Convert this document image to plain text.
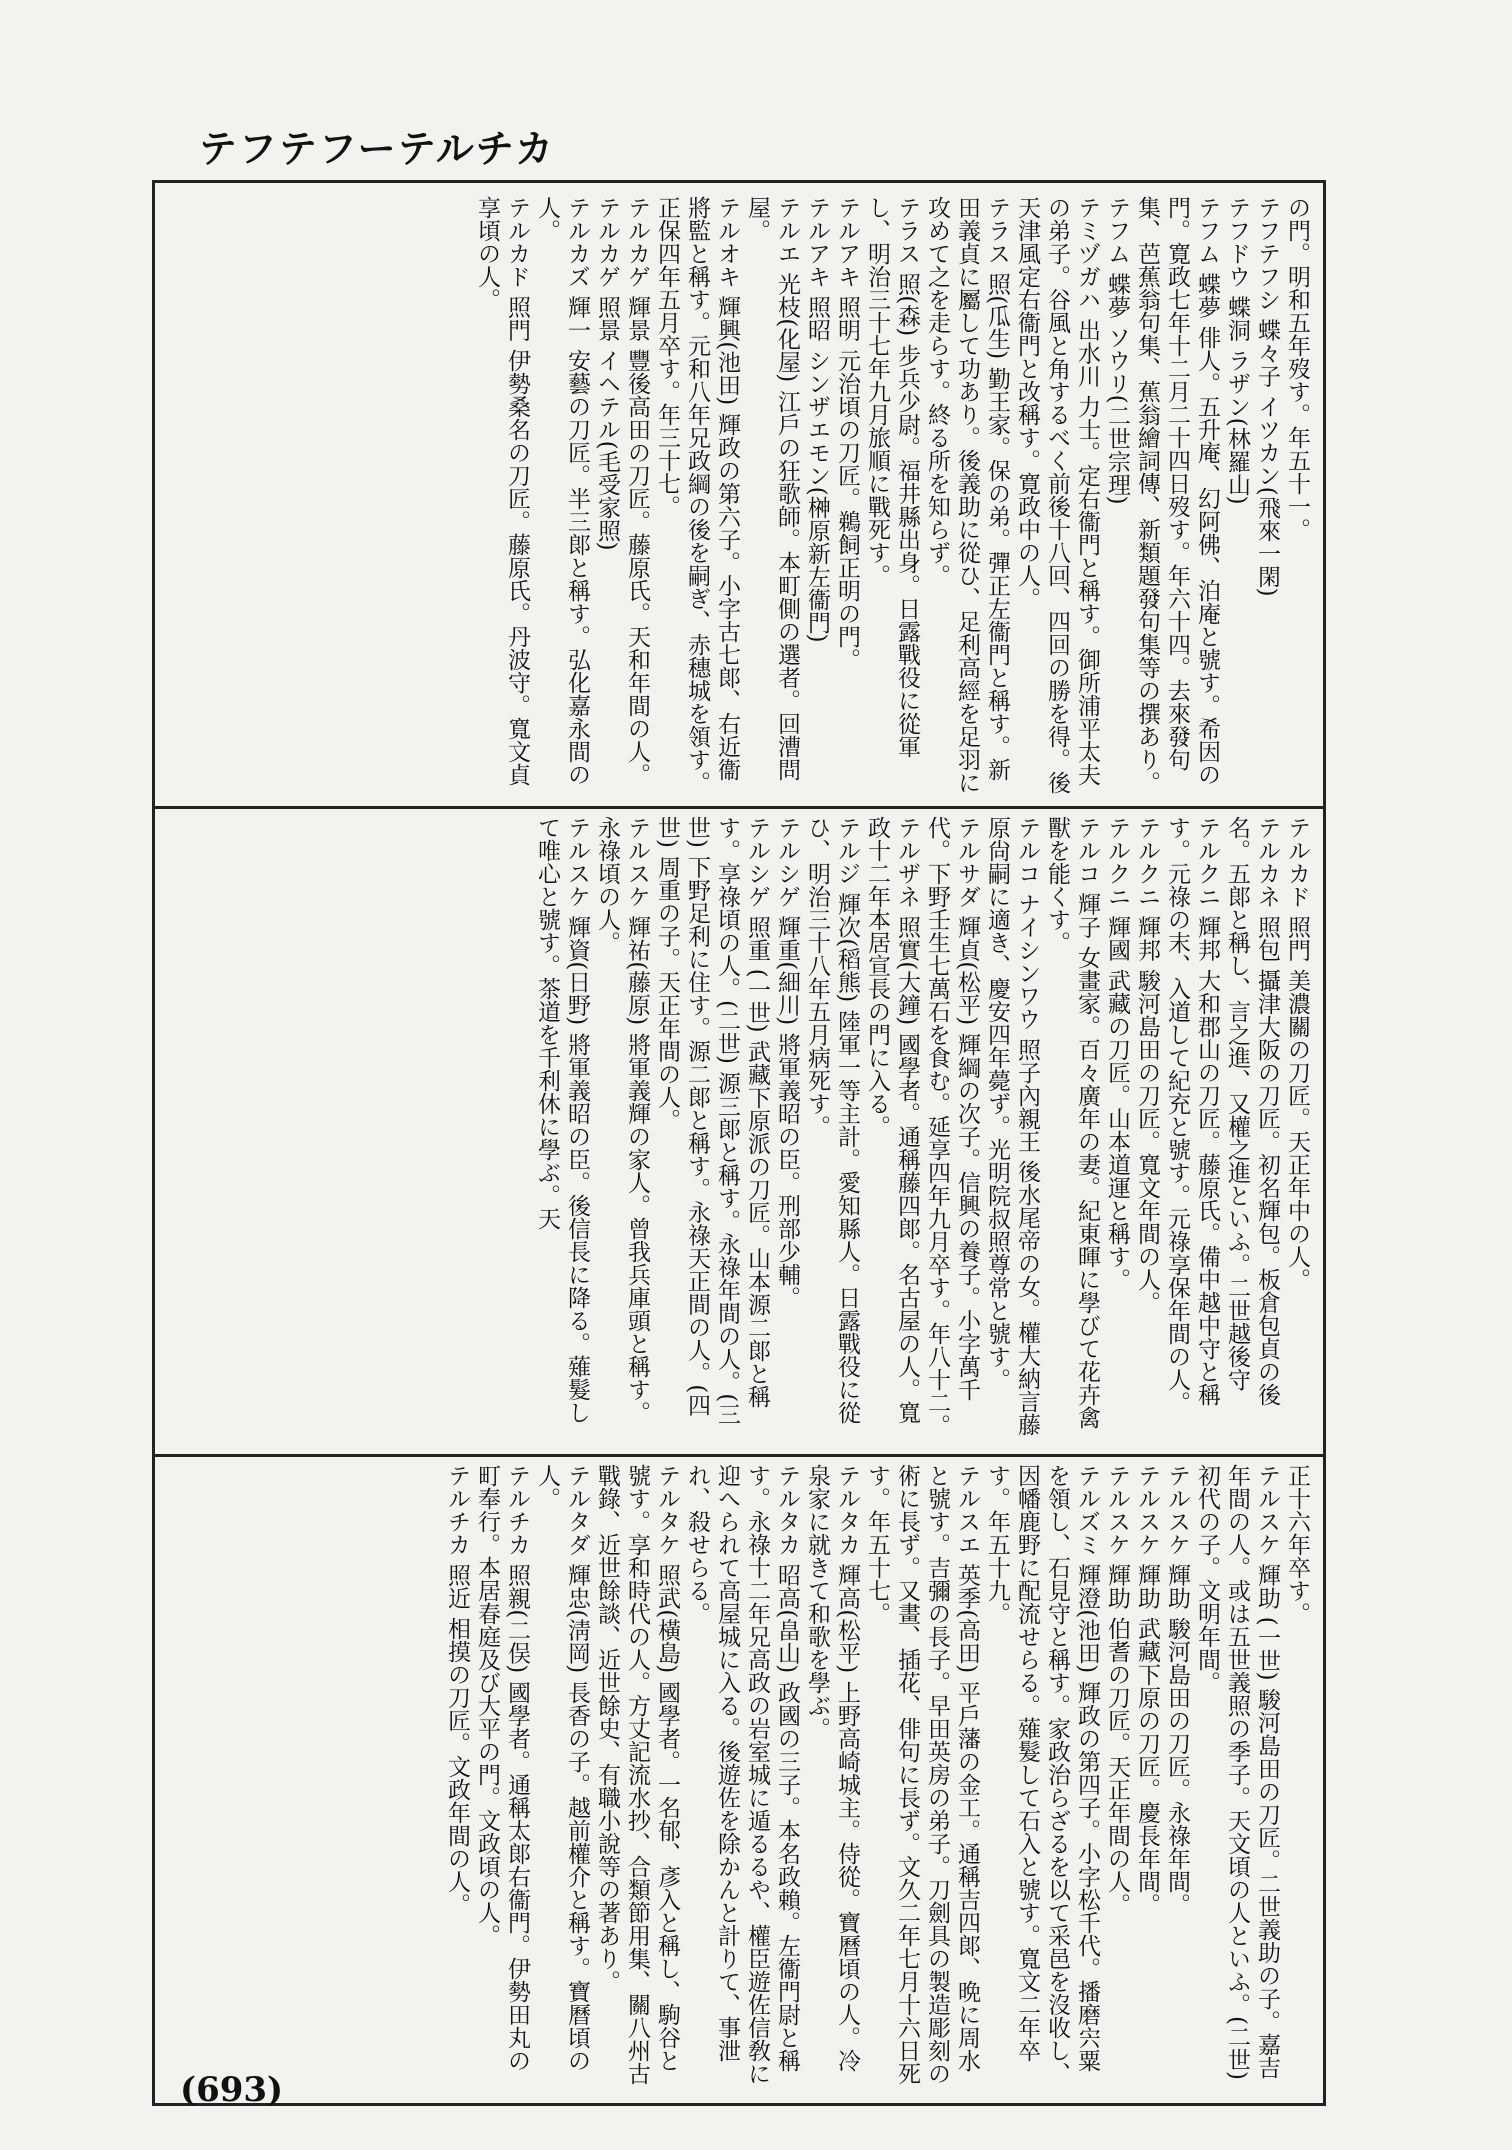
カチルテーフテフテ

の門。明和五年歿す。年五十一。

テフテフシ 蝶々子 イツカン(飛來一閑)

テフドウ 蝶洞 ラザン(林羅山)

テフム 蝶夢 俳人。五升庵、幻阿佛、泊庵と號す。希因の門。寛政七年十二月二十四日歿す。年六十四。去來發句集、芭蕉翁句集、蕉翁繪詞傳、新類題發句集等の撰あり。

テフム 蝶夢 ソウリ(二世宗理)

テミヅガハ 出水川 力士。定右衞門と稱す。御所浦平太夫の弟子。谷風と角するべく前後十八回、四回の勝を得。後天津風定右衞門と改稱す。寛政中の人。

テラス 照(瓜生) 勤王家。保の弟。彈正左衞門と稱す。新田義貞に屬して功あり。後義助に從ひ、足利高經を足羽に攻めて之を走らす。終る所を知らず。

テラス 照(森) 步兵少尉。福井縣出身。日露戰役に從軍し、明治三十七年九月旅順に戰死す。

テルアキ 照明 元治頃の刀匠。鵜飼正明の門。

テルアキ 照昭 シンザエモン(榊原新左衞門)

テルエ 光枝(化屋) 江戶の狂歌師。本町側の選者。回漕問屋。

テルオキ 輝興(池田) 輝政の第六子。小字古七郞、右近衞將監と稱す。元和八年兄政綱の後を嗣ぎ、赤穗城を領す。正保四年五月卒す。年三十七。

テルカゲ 輝景 豐後高田の刀匠。藤原氏。天和年間の人。

テルカゲ 照景 イヘテル(毛受家照)

テルカズ 輝一 安藝の刀匠。半三郞と稱す。弘化嘉永間の人。

テルカド 照門 伊勢桑名の刀匠。藤原氏。丹波守。寬文貞享頃の人。

テルカド 照門 美濃關の刀匠。天正年中の人。

テルカネ 照包 攝津大阪の刀匠。初名輝包。板倉包貞の後名。五郞と稱し、言之進、又權之進といふ。二世越後守

テルクニ 輝邦 大和郡山の刀匠。藤原氏。備中越中守と稱す。元祿の末、入道して紀充と號す。元祿享保年間の人。

テルクニ 輝邦 駿河島田の刀匠。寬文年間の人。

テルクニ 輝國 武藏の刀匠。山本道運と稱す。

テルコ 輝子 女畫家。百々廣年の妻。紀東暉に學びて花卉禽獸を能くす。

テルコ ナイシンワウ 照子內親王 後水尾帝の女。權大納言藤原尙嗣に適き、慶安四年薨ず。光明院叔照尊常と號す。

テルサダ 輝貞(松平) 輝綱の次子。信興の養子。小字萬千代。下野壬生七萬石を食む。延享四年九月卒す。年八十二。

テルザネ 照實(大鐘) 國學者。通稱藤四郞。名古屋の人。寬政十二年本居宣長の門に入る。

テルジ 輝次(稻熊) 陸軍一等主計。愛知縣人。日露戰役に從ひ、明治三十八年五月病死す。

テルシゲ 輝重(細川) 將軍義昭の臣。刑部少輔。

テルシゲ 照重 (一世) 武藏下原派の刀匠。山本源二郞と稱す。享祿頃の人。(二世) 源三郞と稱す。永祿年間の人。(三世) 下野足利に住す。源二郞と稱す。永祿天正間の人。(四世) 周重の子。天正年間の人。

テルスケ 輝祐(藤原) 將軍義輝の家人。曾我兵庫頭と稱す。永祿頃の人。

テルスケ 輝資(日野) 將軍義昭の臣。後信長に降る。薙髮して唯心と號す。茶道を千利休に學ぶ。天

正十六年卒す。

テルスケ 輝助 (一世) 駿河島田の刀匠。二世義助の子。嘉吉年間の人。或は五世義照の季子。天文頃の人といふ。(二世) 初代の子。文明年間。

テルスケ 輝助 駿河島田の刀匠。永祿年間。

テルスケ 輝助 武藏下原の刀匠。慶長年間。

テルスケ 輝助 伯耆の刀匠。天正年間の人。

テルズミ 輝澄(池田) 輝政の第四子。小字松千代。播磨宍粟を領し、石見守と稱す。家政治らざるを以て采邑を沒收し、因幡鹿野に配流せらる。薙髮して石入と號す。寬文二年卒す。年五十九。

テルスエ 英季(高田) 平戶藩の金工。通稱吉四郞、晩に周水と號す。吉彌の長子。早田英房の弟子。刀劍具の製造彫刻の術に長ず。又畫、插花、俳句に長ず。文久二年七月十六日死す。年五十七。

テルタカ 輝高(松平) 上野高崎城主。侍從。寶曆頃の人。冷泉家に就きて和歌を學ぶ。

テルタカ 昭高(畠山) 政國の三子。本名政賴。左衞門尉と稱す。永祿十二年兄高政の岩室城に遁るるや、權臣遊佐信敎に迎へられて高屋城に入る。後遊佐を除かんと計りて、事泄れ、殺せらる。

テルタケ 照武(橫島) 國學者。一名郁、彥入と稱し、駒谷と號す。享和時代の人。方丈記流水抄、合類節用集、關八州古戰錄、近世餘談、近世餘史、有職小說等の著あり。

テルタダ 輝忠(淸岡) 長香の子。越前權介と稱す。寶曆頃の人。

テルチカ 照親(二俣) 國學者。通稱太郞右衞門。伊勢田丸の町奉行。本居春庭及び大平の門。文政頃の人。

テルチカ 照近 相摸の刀匠。文政年間の人。

(693)
